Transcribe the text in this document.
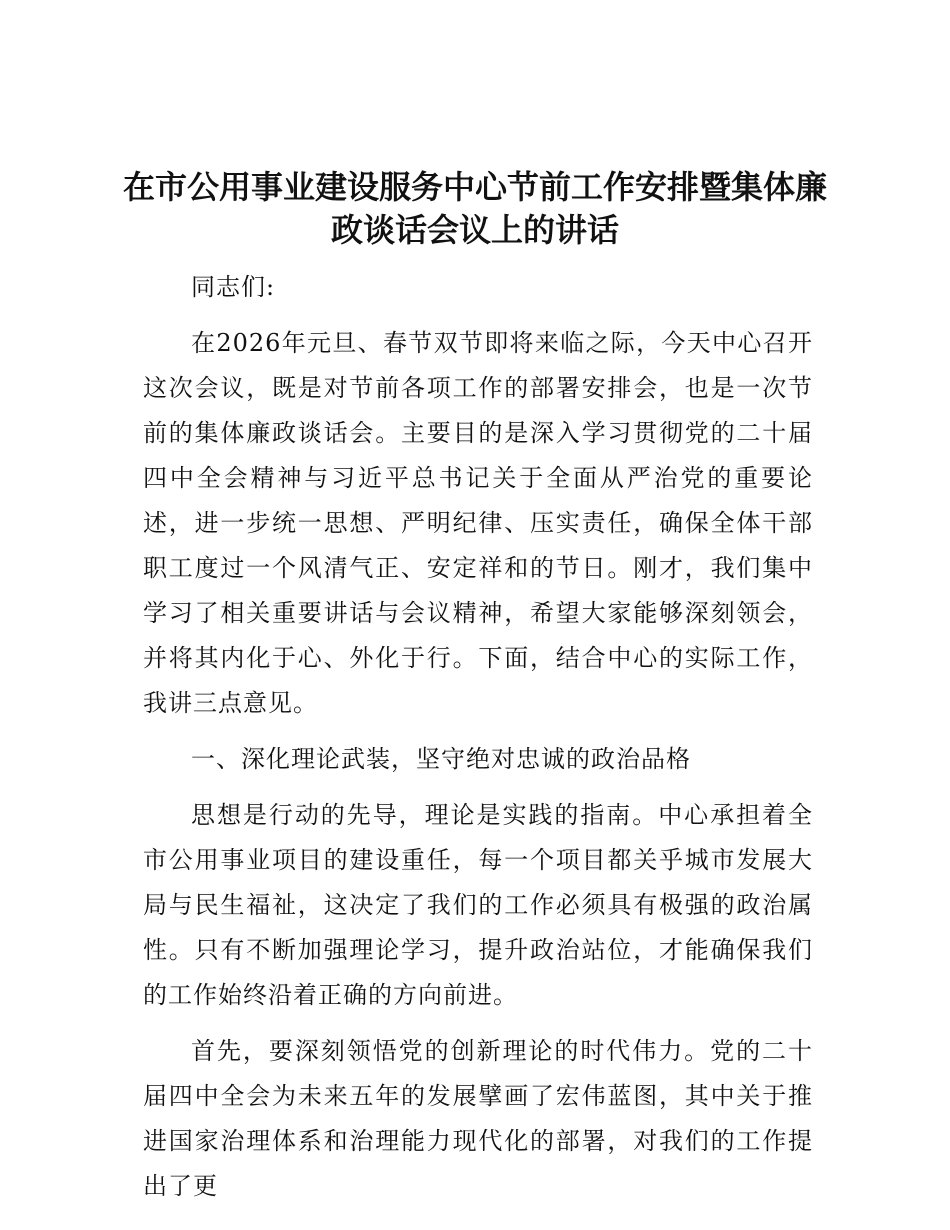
在市公用事业建设服务中心节前工作安排暨集体廉政谈话会议上的讲话

同志们:

在2026年元旦、春节双节即将来临之际，今天中心召开这次会议，既是对节前各项工作的部署安排会，也是一次节前的集体廉政谈话会。主要目的是深入学习贯彻党的二十届四中全会精神与习近平总书记关于全面从严治党的重要论述，进一步统一思想、严明纪律、压实责任，确保全体干部职工度过一个风清气正、安定祥和的节日。刚才，我们集中学习了相关重要讲话与会议精神，希望大家能够深刻领会，并将其内化于心、外化于行。下面，结合中心的实际工作，我讲三点意见。

一、深化理论武装，坚守绝对忠诚的政治品格

思想是行动的先导，理论是实践的指南。中心承担着全市公用事业项目的建设重任，每一个项目都关乎城市发展大局与民生福祉，这决定了我们的工作必须具有极强的政治属性。只有不断加强理论学习，提升政治站位，才能确保我们的工作始终沿着正确的方向前进。

首先，要深刻领悟党的创新理论的时代伟力。党的二十届四中全会为未来五年的发展擘画了宏伟蓝图，其中关于推进国家治理体系和治理能力现代化的部署，对我们的工作提出了更
